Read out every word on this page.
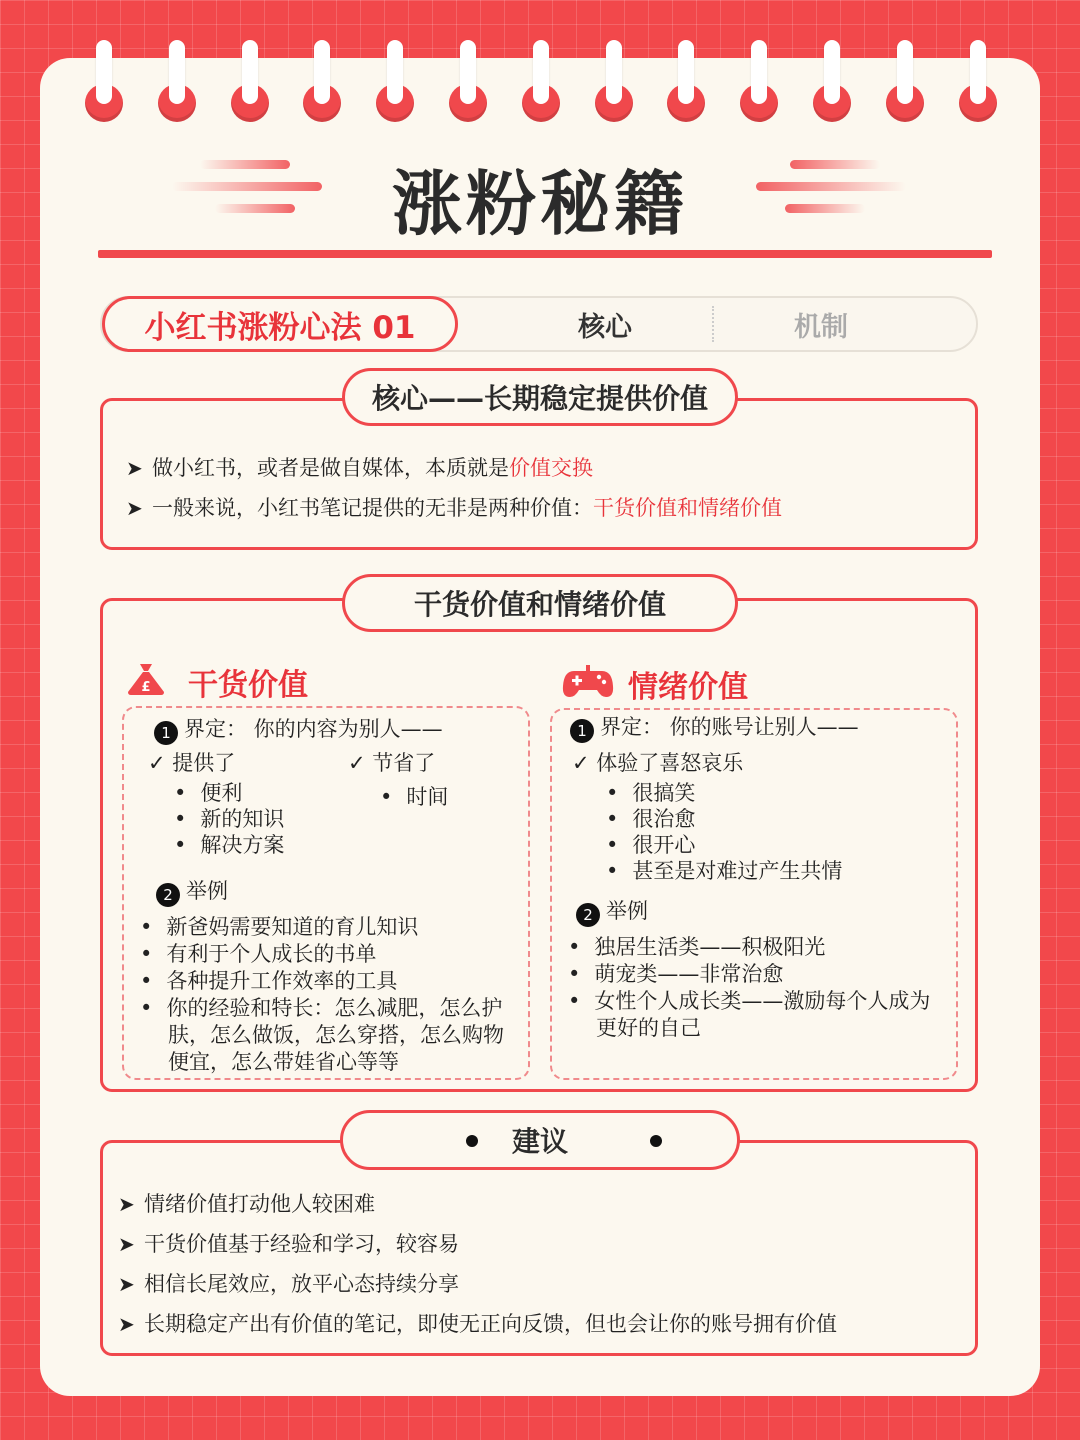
涨粉秘籍
小红书涨粉心法 01	核心	机制
核心——长期稳定提供价值
➤ 做小红书，或者是做自媒体，本质就是价值交换
➤ 一般来说，小红书笔记提供的无非是两种价值：干货价值和情绪价值
干货价值和情绪价值
£ 干货价值
1 界定： 你的内容为别人——
✓ 提供了	✓ 节省了
• 便利
• 新的知识
• 解决方案
• 时间
2 举例
• 新爸妈需要知道的育儿知识
• 有利于个人成长的书单
• 各种提升工作效率的工具
• 你的经验和特长：怎么减肥，怎么护
肤，怎么做饭，怎么穿搭，怎么购物
便宜，怎么带娃省心等等
情绪价值
1 界定： 你的账号让别人——
✓ 体验了喜怒哀乐
• 很搞笑
• 很治愈
• 很开心
• 甚至是对难过产生共情
2 举例
• 独居生活类——积极阳光
• 萌宠类——非常治愈
• 女性个人成长类——激励每个人成为
更好的自己
建议
➤ 情绪价值打动他人较困难
➤ 干货价值基于经验和学习，较容易
➤ 相信长尾效应，放平心态持续分享
➤ 长期稳定产出有价值的笔记，即使无正向反馈，但也会让你的账号拥有价值
